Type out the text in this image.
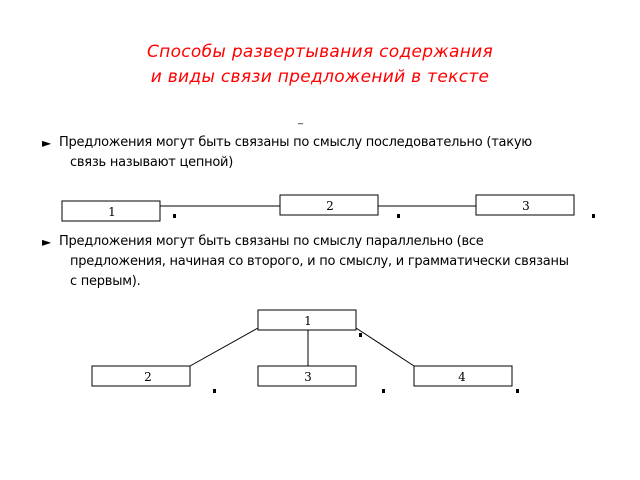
Способы развертывания содержания
и виды связи предложений в тексте
_
► Предложения могут быть связаны по смыслу последовательно (такую
связь называют цепной)
► Предложения могут быть связаны по смыслу параллельно (все
предложения, начиная со второго, и по смыслу, и грамматически связаны
с первым).
1	2	3
1
2	3	4
